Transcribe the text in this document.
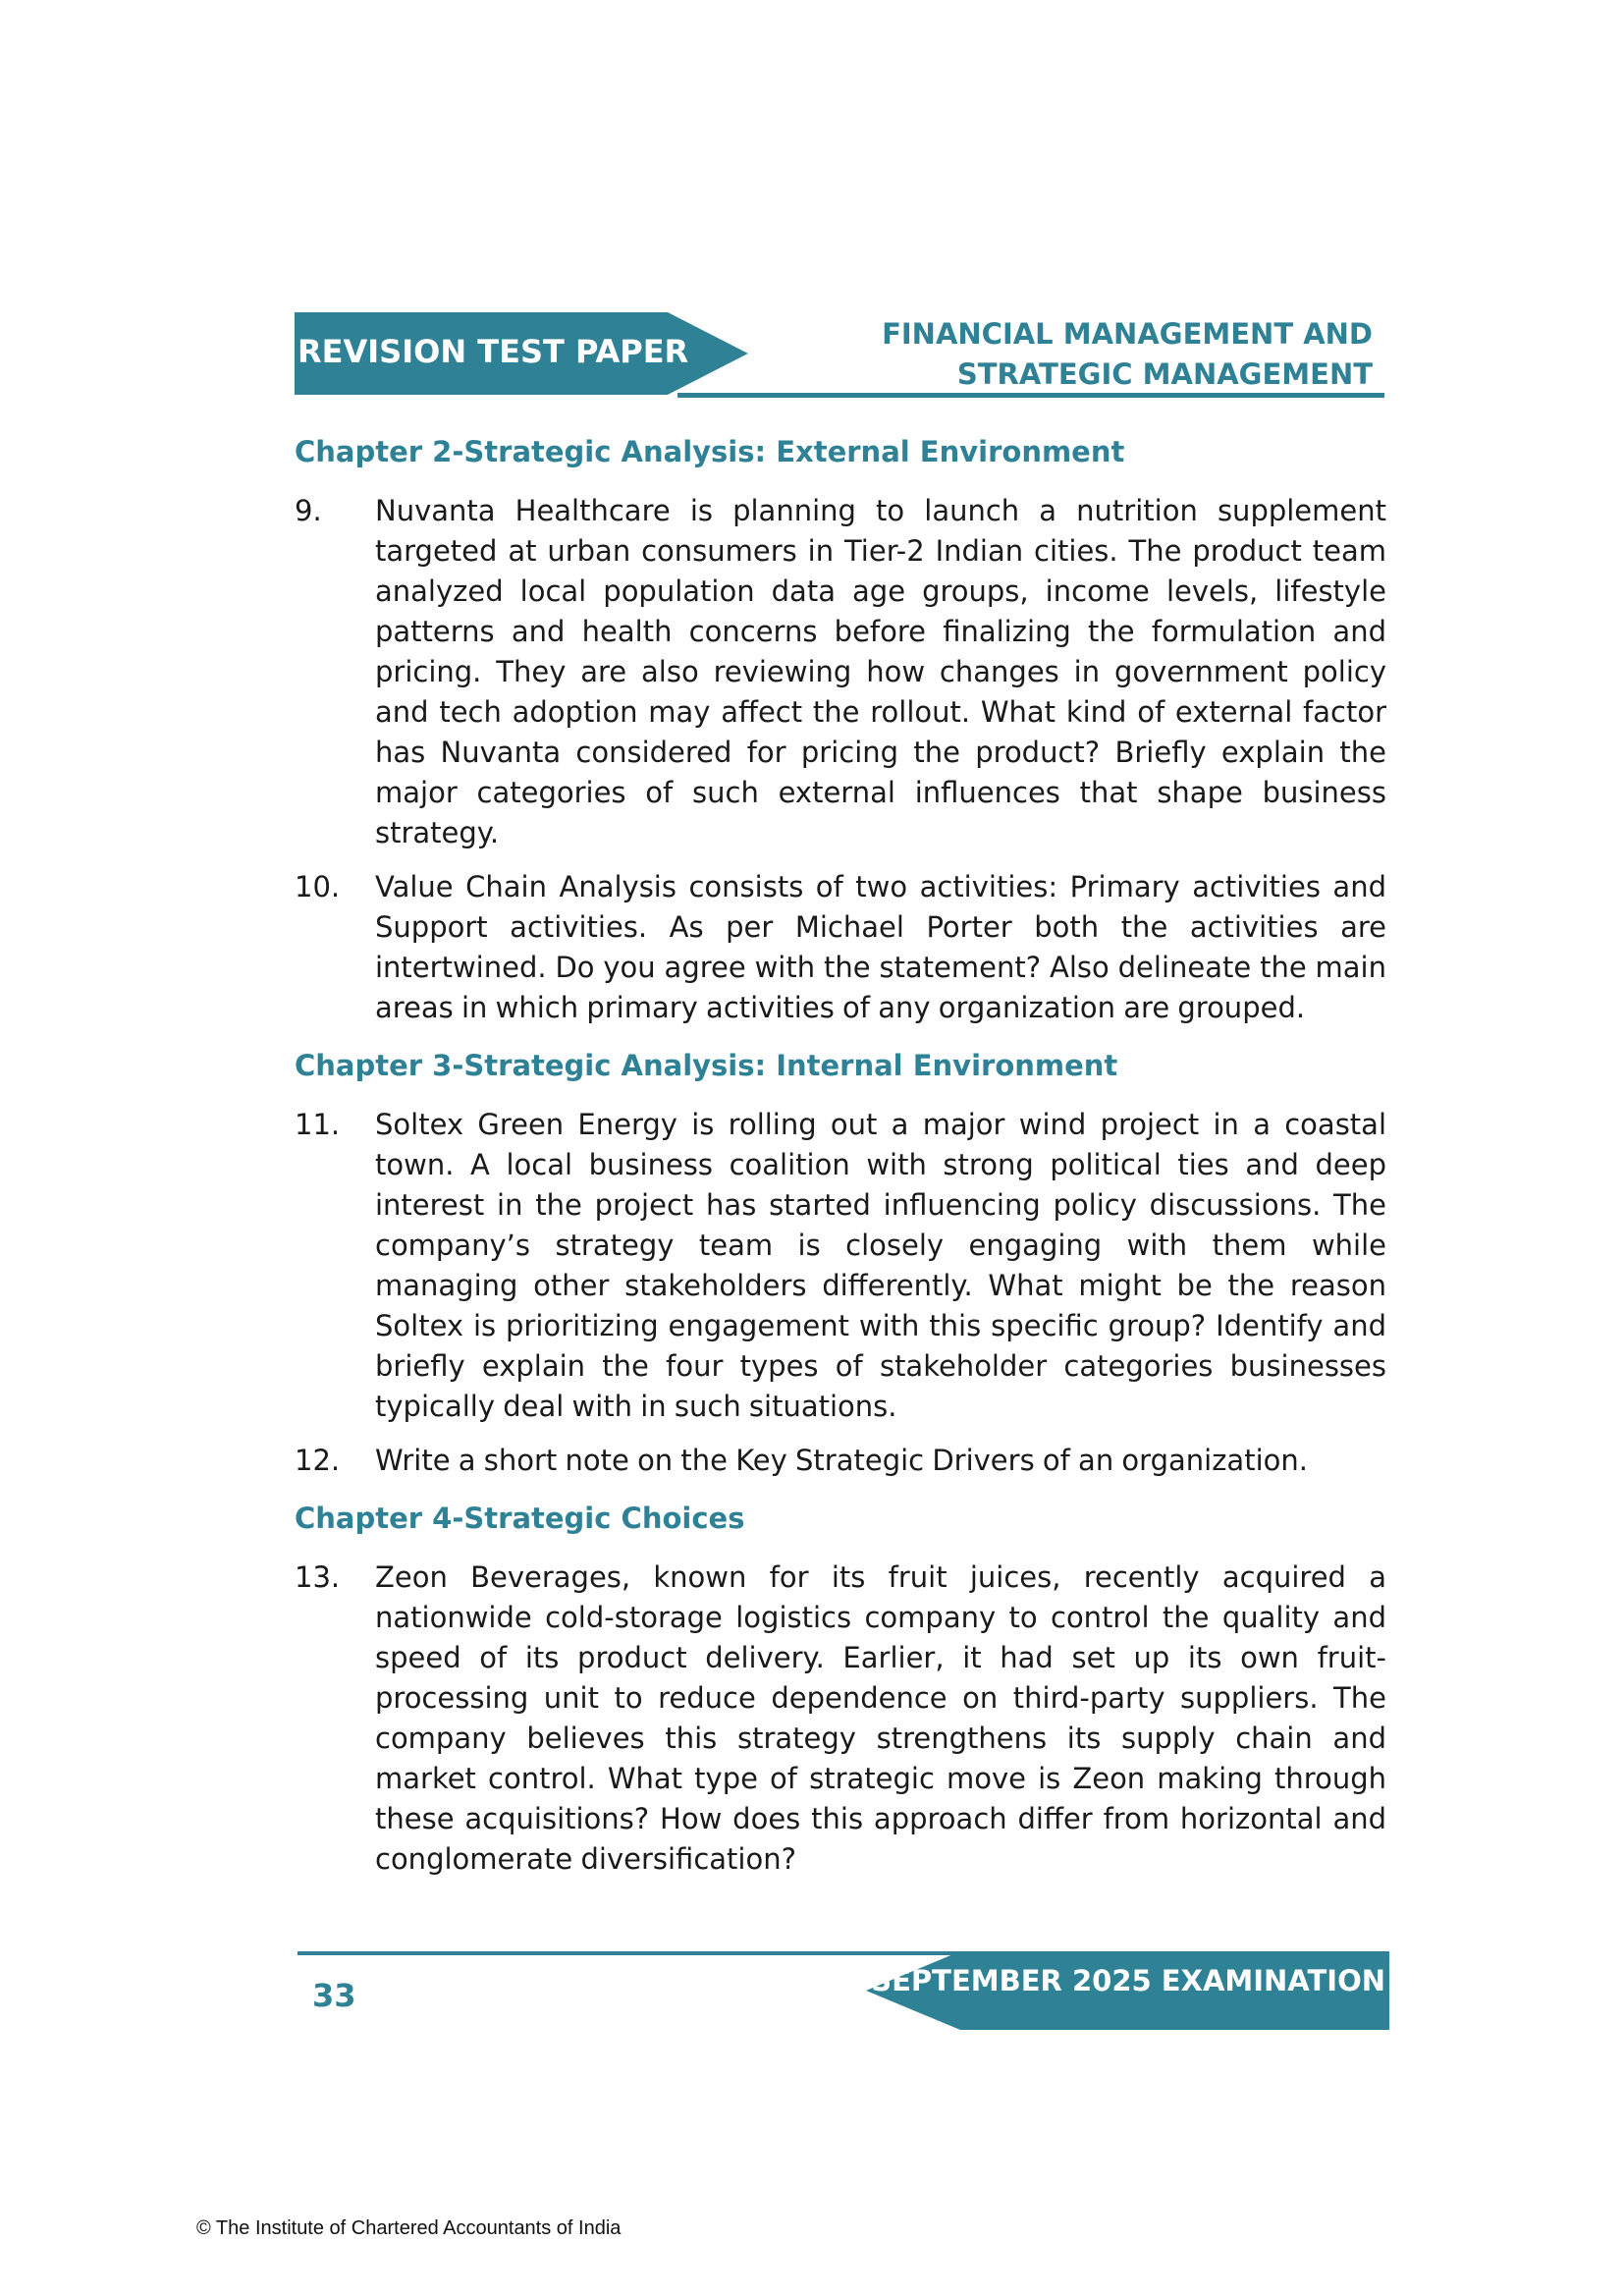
REVISION TEST PAPER	FINANCIAL MANAGEMENT AND
STRATEGIC MANAGEMENT
Chapter 2-Strategic Analysis: External Environment
9.	Nuvanta Healthcare is planning to launch a nutrition supplement targeted at urban consumers in Tier-2 Indian cities. The product team analyzed local population data age groups, income levels, lifestyle patterns and health concerns before finalizing the formulation and pricing. They are also reviewing how changes in government policy and tech adoption may affect the rollout. What kind of external factor has Nuvanta considered for pricing the product? Briefly explain the major categories of such external influences that shape business strategy.
10.	Value Chain Analysis consists of two activities: Primary activities and Support activities. As per Michael Porter both the activities are intertwined. Do you agree with the statement? Also delineate the main areas in which primary activities of any organization are grouped.
Chapter 3-Strategic Analysis: Internal Environment
11.	Soltex Green Energy is rolling out a major wind project in a coastal town. A local business coalition with strong political ties and deep interest in the project has started influencing policy discussions. The company’s strategy team is closely engaging with them while managing other stakeholders differently. What might be the reason Soltex is prioritizing engagement with this specific group? Identify and briefly explain the four types of stakeholder categories businesses typically deal with in such situations.
12.	Write a short note on the Key Strategic Drivers of an organization.
Chapter 4-Strategic Choices
13.	Zeon Beverages, known for its fruit juices, recently acquired a nationwide cold-storage logistics company to control the quality and speed of its product delivery. Earlier, it had set up its own fruit-processing unit to reduce dependence on third-party suppliers. The company believes this strategy strengthens its supply chain and market control. What type of strategic move is Zeon making through these acquisitions? How does this approach differ from horizontal and conglomerate diversification?
33	SEPTEMBER 2025 EXAMINATION
© The Institute of Chartered Accountants of India
